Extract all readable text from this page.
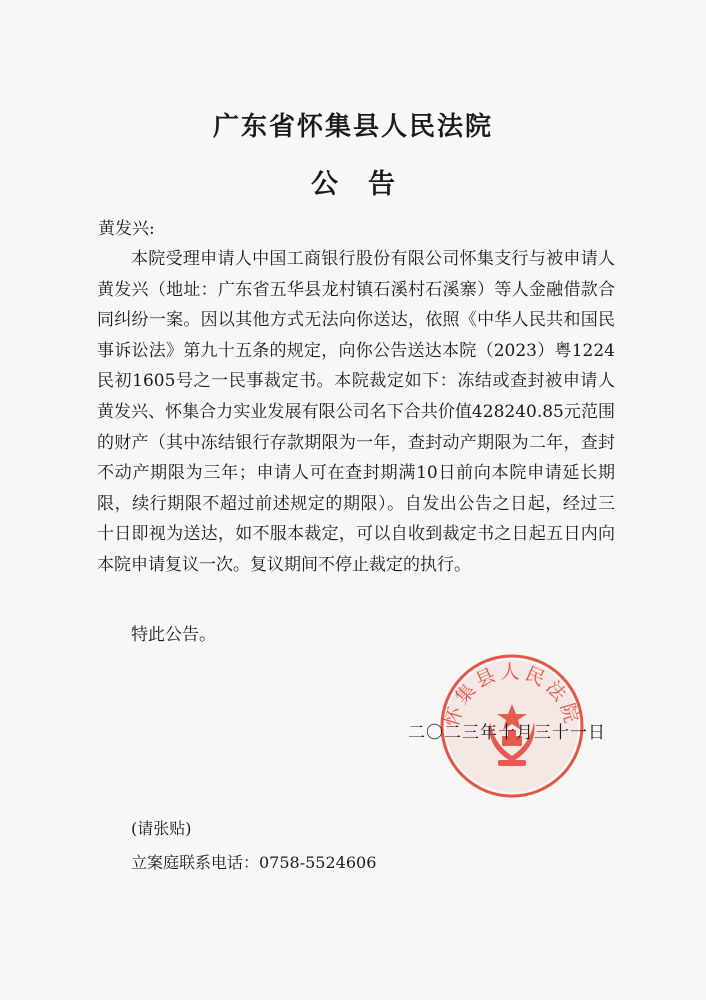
广东省怀集县人民法院
公告
黄发兴:

本院受理申请人中国工商银行股份有限公司怀集支行与被申请人黄发兴（地址：广东省五华县龙村镇石溪村石溪寨）等人金融借款合同纠纷一案。因以其他方式无法向你送达，依照《中华人民共和国民事诉讼法》第九十五条的规定，向你公告送达本院（2023）粤1224民初1605号之一民事裁定书。本院裁定如下：冻结或查封被申请人黄发兴、怀集合力实业发展有限公司名下合共价值428240.85元范围的财产（其中冻结银行存款期限为一年，查封动产期限为二年，查封不动产期限为三年；申请人可在查封期满10日前向本院申请延长期限，续行期限不超过前述规定的期限）。自发出公告之日起，经过三十日即视为送达，如不服本裁定，可以自收到裁定书之日起五日内向本院申请复议一次。复议期间不停止裁定的执行。

特此公告。
怀集县人民法院
二〇二三年十月三十一日
(请张贴)
立案庭联系电话：0758-5524606
